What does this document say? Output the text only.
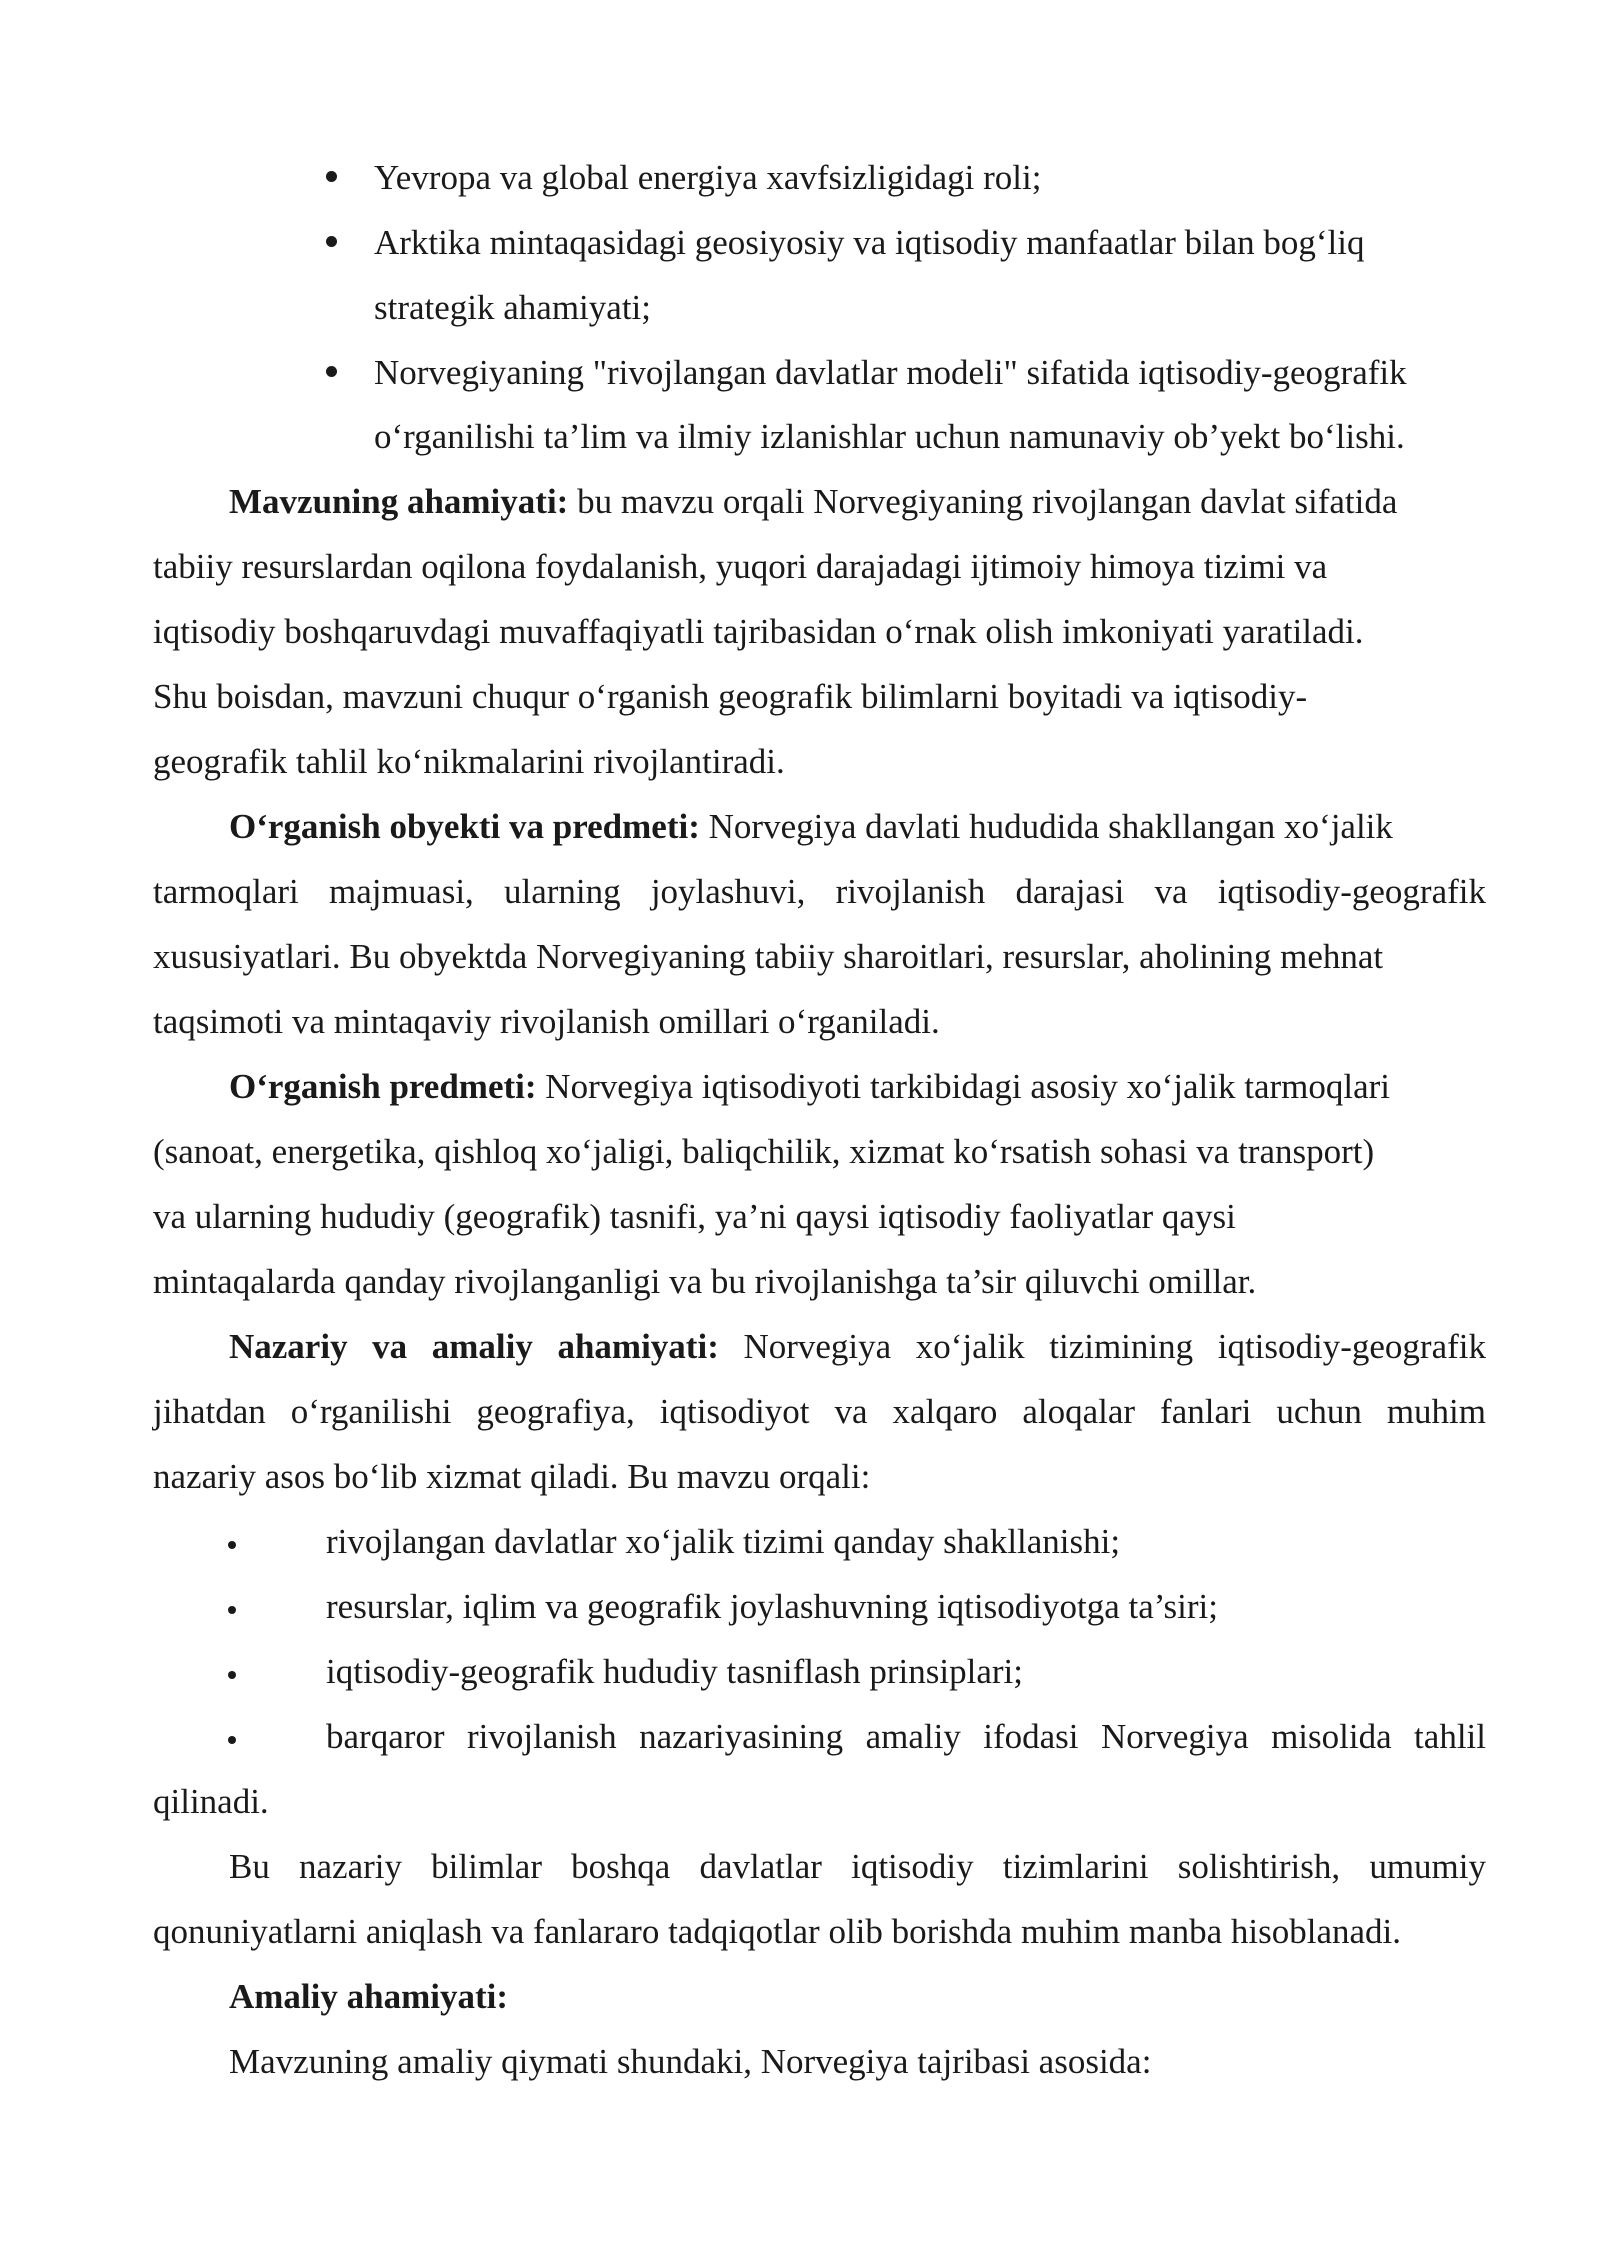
Yevropa va global energiya xavfsizligidagi roli;
Arktika mintaqasidagi geosiyosiy va iqtisodiy manfaatlar bilan bog‘liq
strategik ahamiyati;
Norvegiyaning "rivojlangan davlatlar modeli" sifatida iqtisodiy-geografik
o‘rganilishi ta’lim va ilmiy izlanishlar uchun namunaviy ob’yekt bo‘lishi.
Mavzuning ahamiyati: bu mavzu orqali Norvegiyaning rivojlangan davlat sifatida
tabiiy resurslardan oqilona foydalanish, yuqori darajadagi ijtimoiy himoya tizimi va
iqtisodiy boshqaruvdagi muvaffaqiyatli tajribasidan o‘rnak olish imkoniyati yaratiladi.
Shu boisdan, mavzuni chuqur o‘rganish geografik bilimlarni boyitadi va iqtisodiy-
geografik tahlil ko‘nikmalarini rivojlantiradi.
O‘rganish obyekti va predmeti: Norvegiya davlati hududida shakllangan xo‘jalik
tarmoqlari majmuasi, ularning joylashuvi, rivojlanish darajasi va iqtisodiy-geografik
xususiyatlari. Bu obyektda Norvegiyaning tabiiy sharoitlari, resurslar, aholining mehnat
taqsimoti va mintaqaviy rivojlanish omillari o‘rganiladi.
O‘rganish predmeti: Norvegiya iqtisodiyoti tarkibidagi asosiy xo‘jalik tarmoqlari
(sanoat, energetika, qishloq xo‘jaligi, baliqchilik, xizmat ko‘rsatish sohasi va transport)
va ularning hududiy (geografik) tasnifi, ya’ni qaysi iqtisodiy faoliyatlar qaysi
mintaqalarda qanday rivojlanganligi va bu rivojlanishga ta’sir qiluvchi omillar.
Nazariy va amaliy ahamiyati: Norvegiya xo‘jalik tizimining iqtisodiy-geografik
jihatdan o‘rganilishi geografiya, iqtisodiyot va xalqaro aloqalar fanlari uchun muhim
nazariy asos bo‘lib xizmat qiladi. Bu mavzu orqali:
rivojlangan davlatlar xo‘jalik tizimi qanday shakllanishi;
resurslar, iqlim va geografik joylashuvning iqtisodiyotga ta’siri;
iqtisodiy-geografik hududiy tasniflash prinsiplari;
barqaror rivojlanish nazariyasining amaliy ifodasi Norvegiya misolida tahlil
qilinadi.
Bu nazariy bilimlar boshqa davlatlar iqtisodiy tizimlarini solishtirish, umumiy
qonuniyatlarni aniqlash va fanlararo tadqiqotlar olib borishda muhim manba hisoblanadi.
Amaliy ahamiyati:
Mavzuning amaliy qiymati shundaki, Norvegiya tajribasi asosida:
